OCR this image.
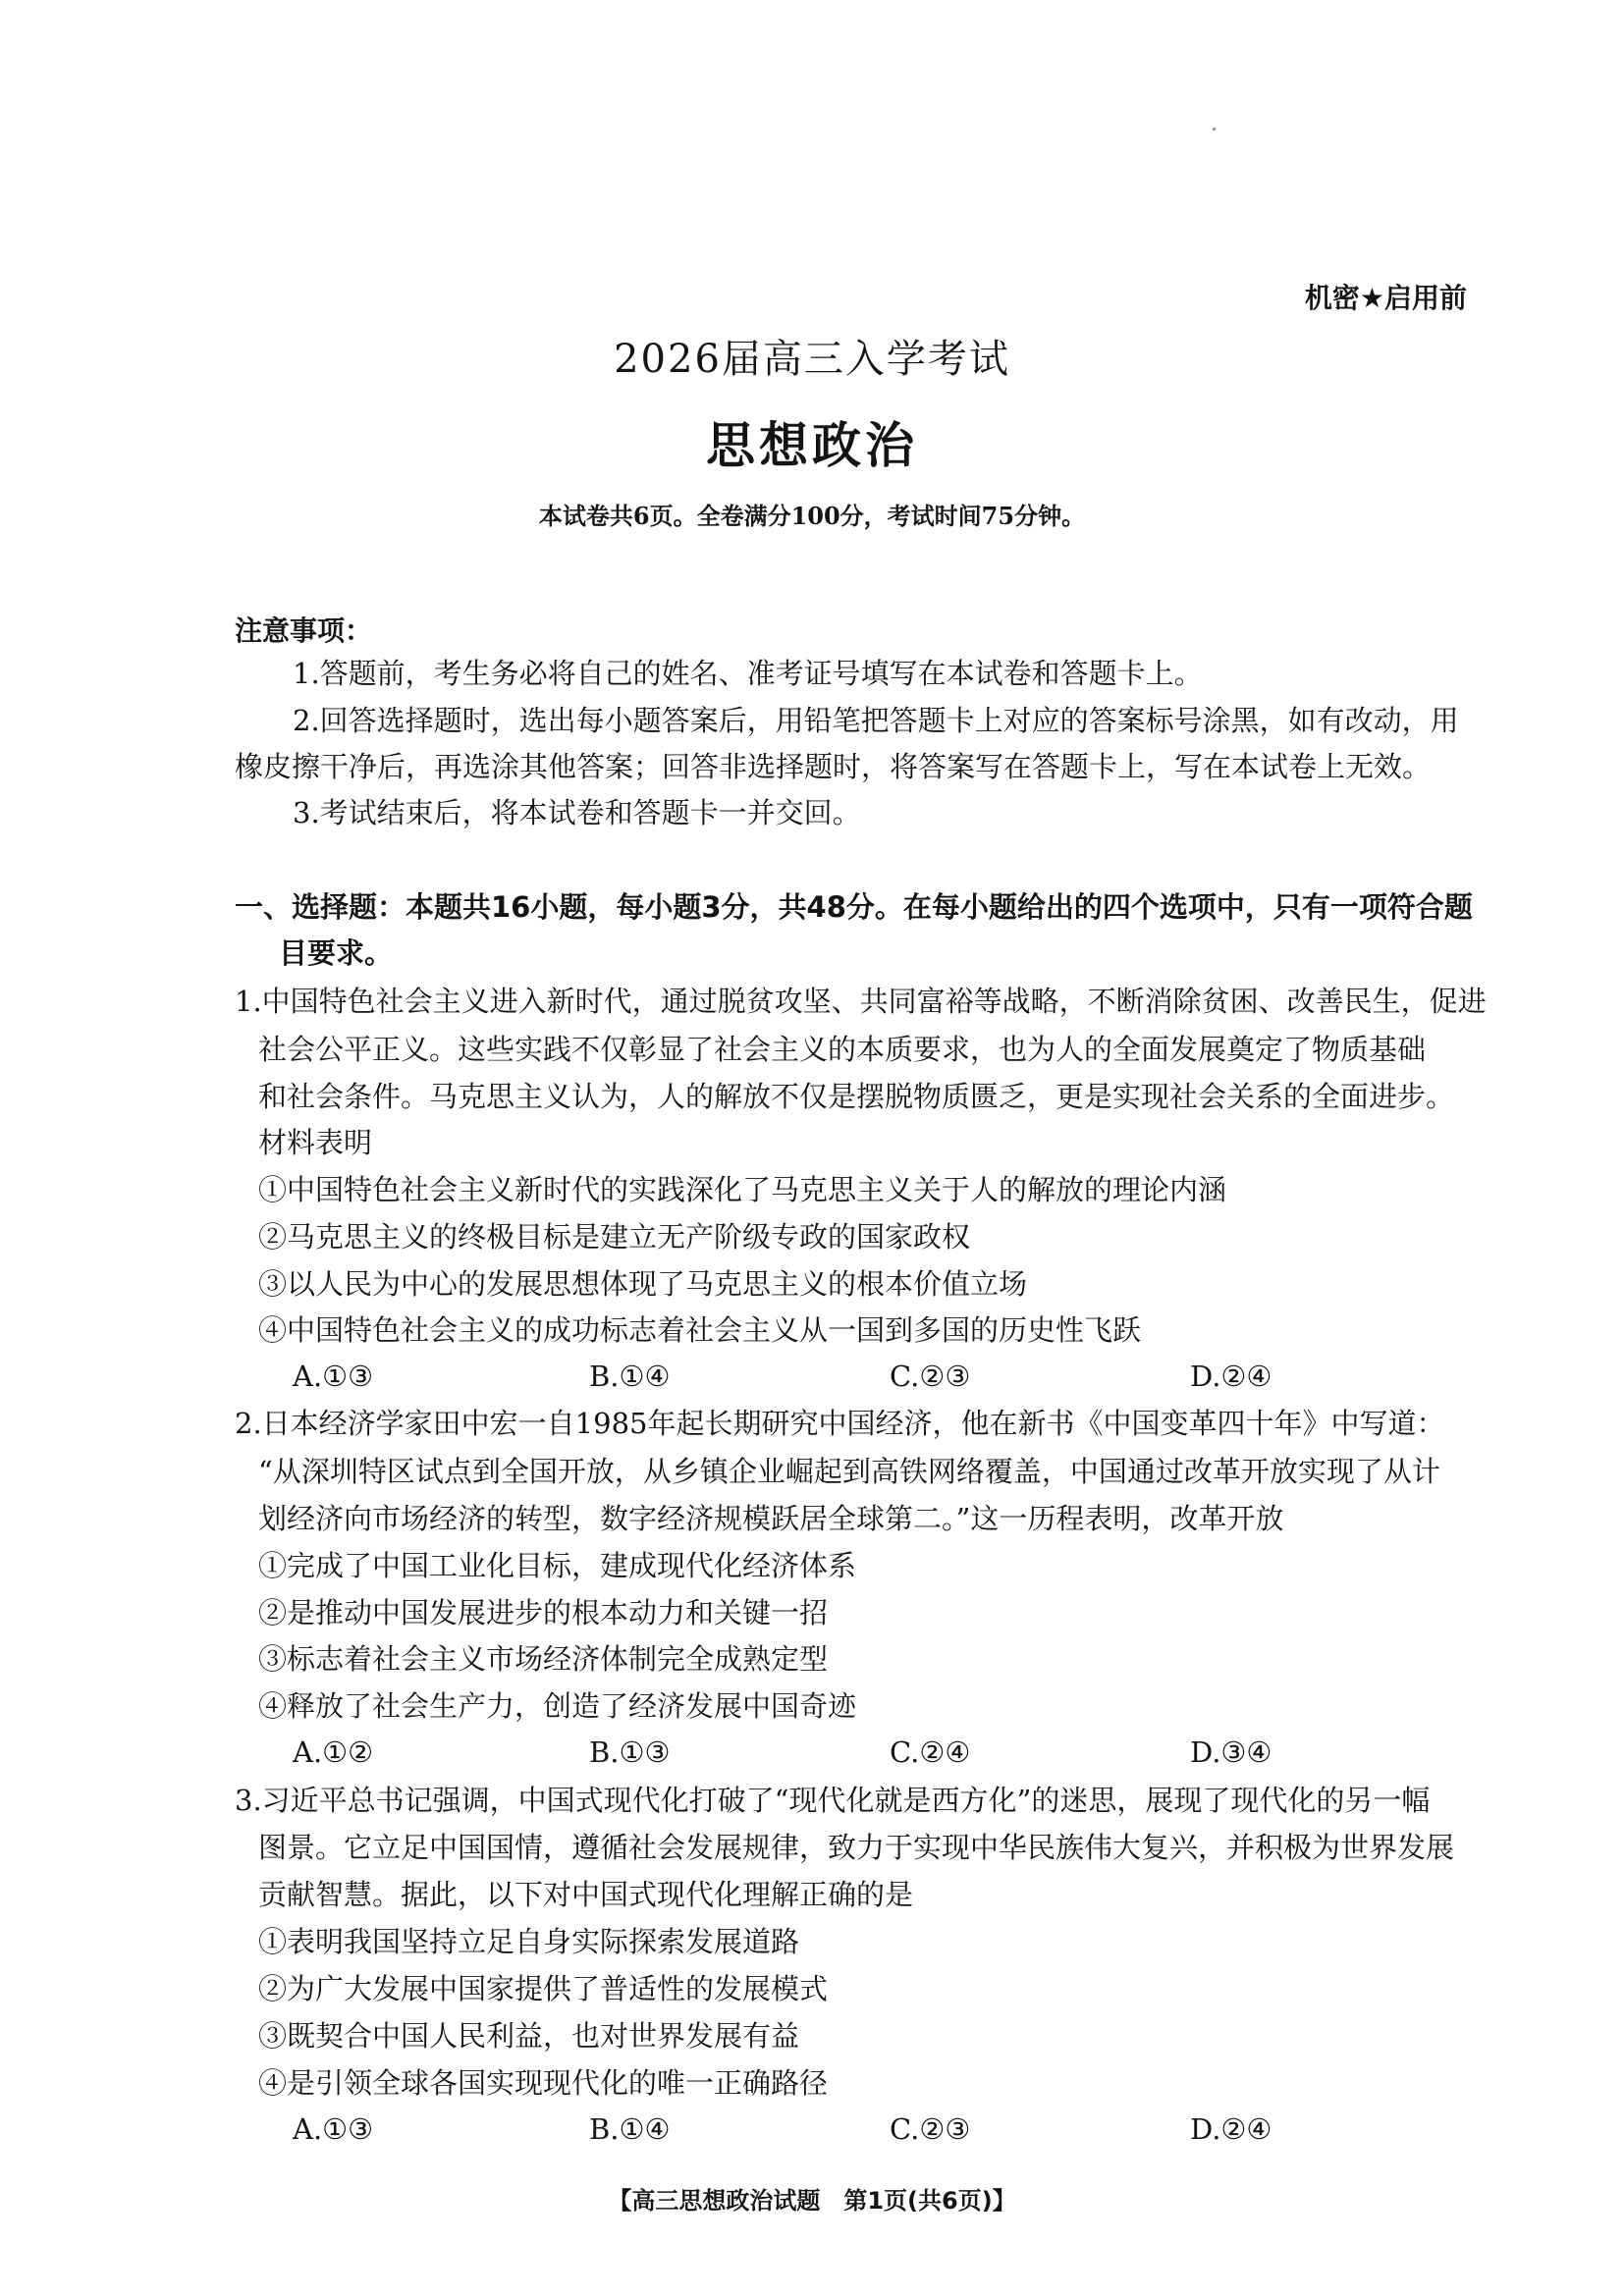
机密★启用前
2026届高三入学考试
思想政治
本试卷共6页。全卷满分100分，考试时间75分钟。
注意事项：
1.答题前，考生务必将自己的姓名、准考证号填写在本试卷和答题卡上。
2.回答选择题时，选出每小题答案后，用铅笔把答题卡上对应的答案标号涂黑，如有改动，用
橡皮擦干净后，再选涂其他答案；回答非选择题时，将答案写在答题卡上，写在本试卷上无效。
3.考试结束后，将本试卷和答题卡一并交回。
一、选择题：本题共16小题，每小题3分，共48分。在每小题给出的四个选项中，只有一项符合题
目要求。
1.中国特色社会主义进入新时代，通过脱贫攻坚、共同富裕等战略，不断消除贫困、改善民生，促进
社会公平正义。这些实践不仅彰显了社会主义的本质要求，也为人的全面发展奠定了物质基础
和社会条件。马克思主义认为，人的解放不仅是摆脱物质匮乏，更是实现社会关系的全面进步。
材料表明
①中国特色社会主义新时代的实践深化了马克思主义关于人的解放的理论内涵
②马克思主义的终极目标是建立无产阶级专政的国家政权
③以人民为中心的发展思想体现了马克思主义的根本价值立场
④中国特色社会主义的成功标志着社会主义从一国到多国的历史性飞跃
A.①③	B.①④	C.②③	D.②④
2.日本经济学家田中宏一自1985年起长期研究中国经济，他在新书《中国变革四十年》中写道：
“从深圳特区试点到全国开放，从乡镇企业崛起到高铁网络覆盖，中国通过改革开放实现了从计
划经济向市场经济的转型，数字经济规模跃居全球第二。”这一历程表明，改革开放
①完成了中国工业化目标，建成现代化经济体系
②是推动中国发展进步的根本动力和关键一招
③标志着社会主义市场经济体制完全成熟定型
④释放了社会生产力，创造了经济发展中国奇迹
A.①②	B.①③	C.②④	D.③④
3.习近平总书记强调，中国式现代化打破了“现代化就是西方化”的迷思，展现了现代化的另一幅
图景。它立足中国国情，遵循社会发展规律，致力于实现中华民族伟大复兴，并积极为世界发展
贡献智慧。据此，以下对中国式现代化理解正确的是
①表明我国坚持立足自身实际探索发展道路
②为广大发展中国家提供了普适性的发展模式
③既契合中国人民利益，也对世界发展有益
④是引领全球各国实现现代化的唯一正确路径
A.①③	B.①④	C.②③	D.②④
【高三思想政治试题　第1页(共6页)】
